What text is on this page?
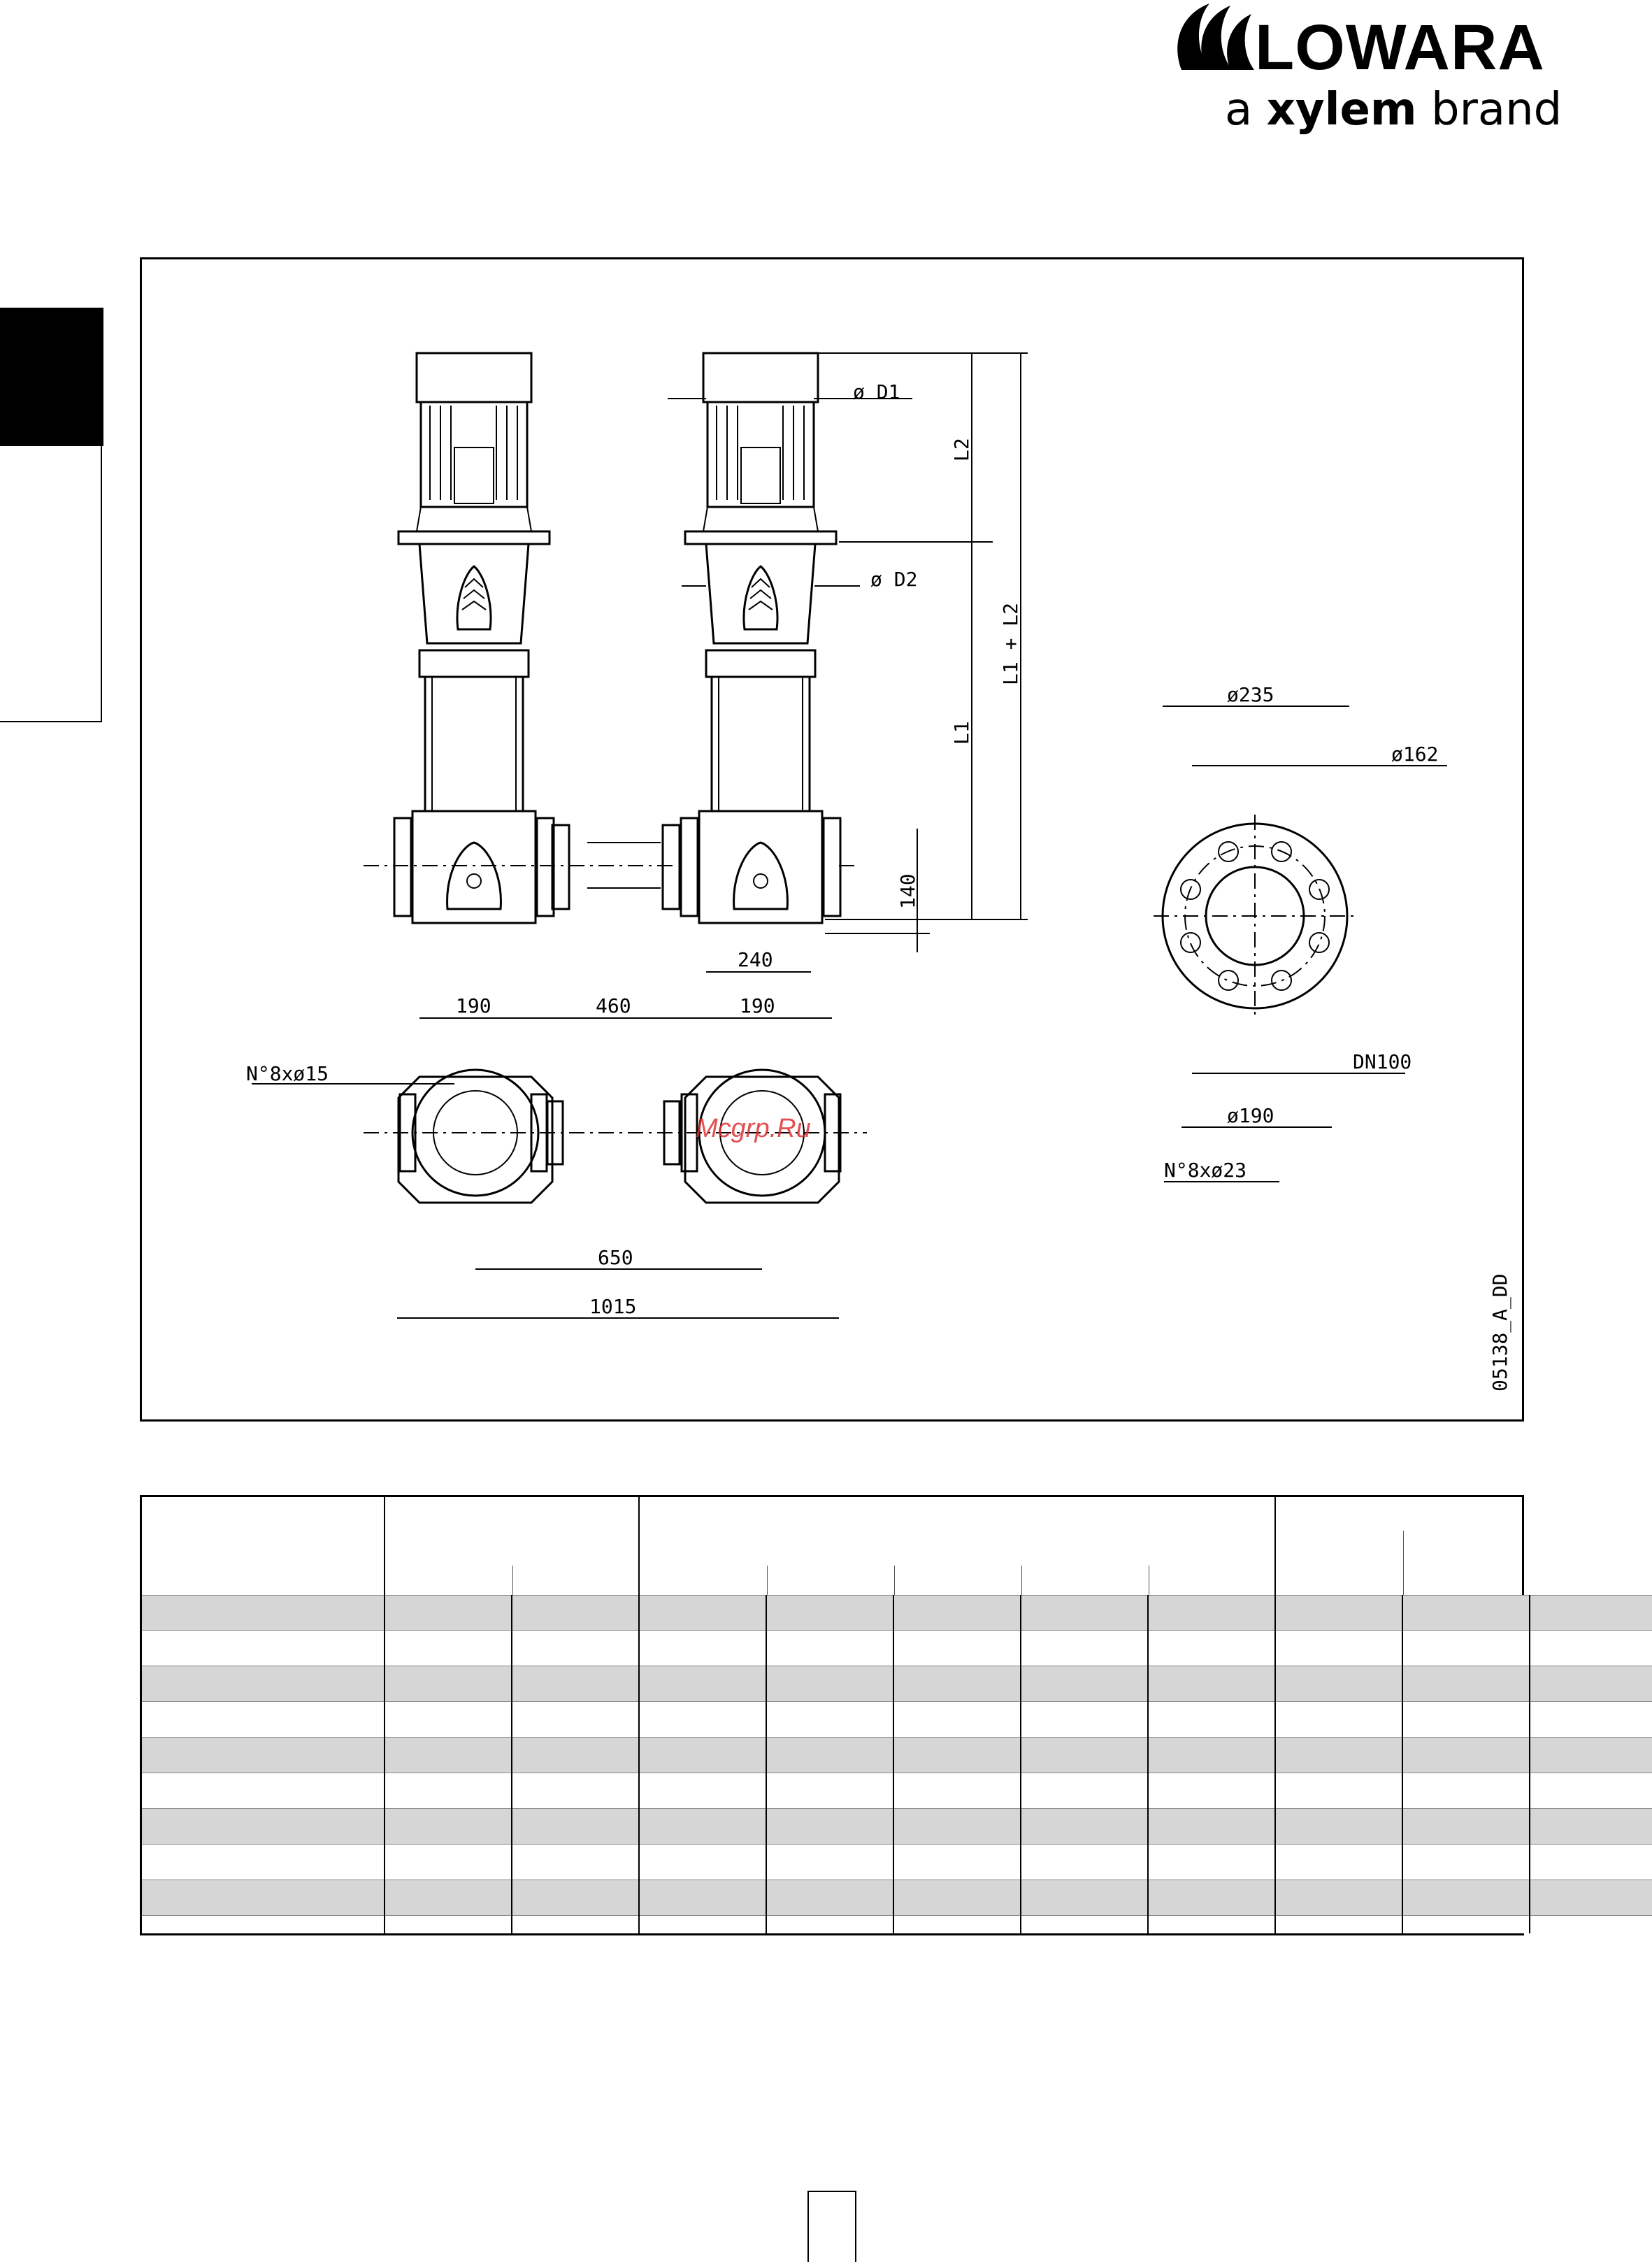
LOWARA
a xylem brand
ø D1
ø D2
L2
L1 + L2
L1
140
240
190	460	190
N°8xø15
650
1015
ø235
ø162
DN100
ø190
N°8xø23
05138_A_DD
Mcgrp.Ru
